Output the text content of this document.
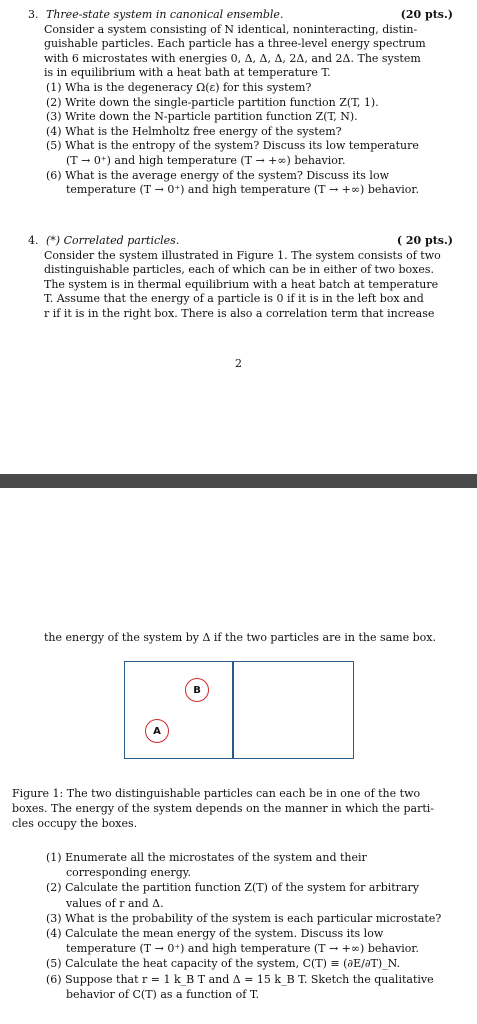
3. Three-state system in canonical ensemble.	(20 pts.)
Consider a system consisting of N identical, noninteracting, distin-
guishable particles. Each particle has a three-level energy spectrum
with 6 microstates with energies 0, Δ, Δ, Δ, 2Δ, and 2Δ. The system
is in equilibrium with a heat bath at temperature T.
(1) Wha is the degeneracy Ω(ε) for this system?
(2) Write down the single-particle partition function Z(T, 1).
(3) Write down the N-particle partition function Z(T, N).
(4) What is the Helmholtz free energy of the system?
(5) What is the entropy of the system? Discuss its low temperature
(T → 0⁺) and high temperature (T → +∞) behavior.
(6) What is the average energy of the system? Discuss its low
temperature (T → 0⁺) and high temperature (T → +∞) behavior.
4. (*) Correlated particles.	( 20 pts.)
Consider the system illustrated in Figure 1. The system consists of two
distinguishable particles, each of which can be in either of two boxes.
The system is in thermal equilibrium with a heat batch at temperature
T. Assume that the energy of a particle is 0 if it is in the left box and
r if it is in the right box. There is also a correlation term that increase
2
the energy of the system by Δ if the two particles are in the same box.
B
A
Figure 1: The two distinguishable particles can each be in one of the two
boxes. The energy of the system depends on the manner in which the parti-
cles occupy the boxes.
(1) Enumerate all the microstates of the system and their
corresponding energy.
(2) Calculate the partition function Z(T) of the system for arbitrary
values of r and Δ.
(3) What is the probability of the system is each particular microstate?
(4) Calculate the mean energy of the system. Discuss its low
temperature (T → 0⁺) and high temperature (T → +∞) behavior.
(5) Calculate the heat capacity of the system, C(T) ≡ (∂E/∂T)_N.
(6) Suppose that r = 1 k_B T and Δ = 15 k_B T. Sketch the qualitative
behavior of C(T) as a function of T.
